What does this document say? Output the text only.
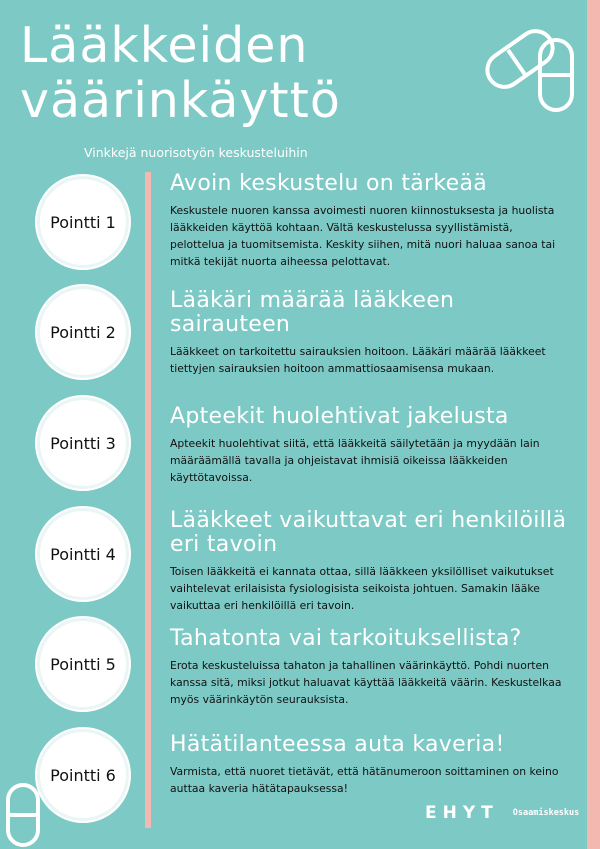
Lääkkeiden
väärinkäyttö
Vinkkejä nuorisotyön keskusteluihin
Pointti 1
Avoin keskustelu on tärkeää

Keskustele nuoren kanssa avoimesti nuoren kiinnostuksesta ja huolista lääkkeiden käyttöä kohtaan. Vältä keskustelussa syyllistämistä, pelottelua ja tuomitsemista. Keskity siihen, mitä nuori haluaa sanoa tai mitkä tekijät nuorta aiheessa pelottavat.

Pointti 2
Lääkäri määrää lääkkeen sairauteen

Lääkkeet on tarkoitettu sairauksien hoitoon. Lääkäri määrää lääkkeet tiettyjen sairauksien hoitoon ammattiosaamisensa mukaan.

Pointti 3
Apteekit huolehtivat jakelusta

Apteekit huolehtivat siitä, että lääkkeitä säilytetään ja myydään lain määräämällä tavalla ja ohjeistavat ihmisiä oikeissa lääkkeiden käyttötavoissa.

Pointti 4
Lääkkeet vaikuttavat eri henkilöillä eri tavoin

Toisen lääkkeitä ei kannata ottaa, sillä lääkkeen yksilölliset vaikutukset vaihtelevat erilaisista fysiologisista seikoista johtuen. Samakin lääke vaikuttaa eri henkilöillä eri tavoin.

Pointti 5
Tahatonta vai tarkoituksellista?

Erota keskusteluissa tahaton ja tahallinen väärinkäyttö. Pohdi nuorten kanssa sitä, miksi jotkut haluavat käyttää lääkkeitä väärin. Keskustelkaa myös väärinkäytön seurauksista.

Pointti 6
Hätätilanteessa auta kaveria!

Varmista, että nuoret tietävät, että hätänumeroon soittaminen on keino auttaa kaveria hätätapauksessa!

EHYT Osaamiskeskus
